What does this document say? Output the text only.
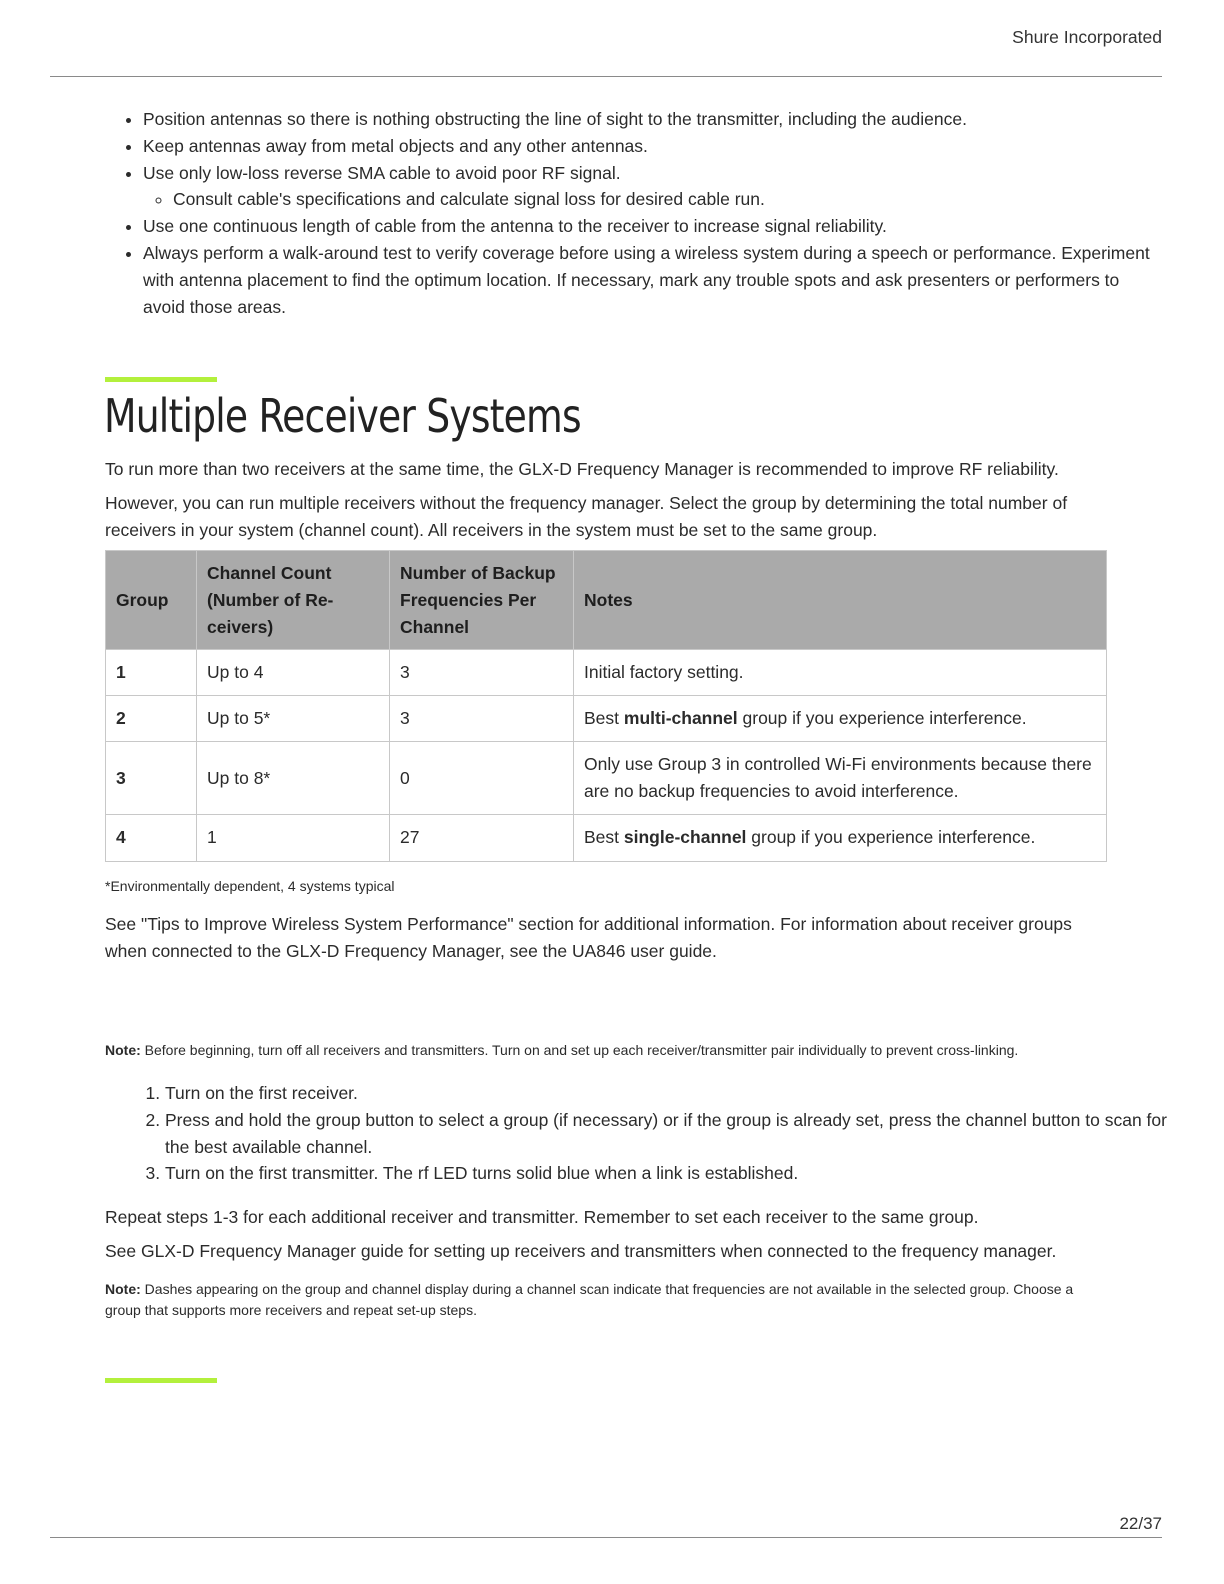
Shure Incorporated
• Position antennas so there is nothing obstructing the line of sight to the transmitter, including the audience.
• Keep antennas away from metal objects and any other antennas.
• Use only low-loss reverse SMA cable to avoid poor RF signal.
◦ Consult cable's specifications and calculate signal loss for desired cable run.
• Use one continuous length of cable from the antenna to the receiver to increase signal reliability.
• Always perform a walk-around test to verify coverage before using a wireless system during a speech or performance. Experiment with antenna placement to find the optimum location. If necessary, mark any trouble spots and ask presenters or performers to avoid those areas.
Multiple Receiver Systems

To run more than two receivers at the same time, the GLX-D Frequency Manager is recommended to improve RF reliability.

However, you can run multiple receivers without the frequency manager. Select the group by determining the total number of receivers in your system (channel count). All receivers in the system must be set to the same group.

Group	Channel Count (Number of Re-ceivers)	Number of Backup Frequencies Per Channel	Notes
1	Up to 4	3	Initial factory setting.
2	Up to 5*	3	Best multi-channel group if you experience interference.
3	Up to 8*	0	Only use Group 3 in controlled Wi-Fi environments because there are no backup frequencies to avoid interference.
4	1	27	Best single-channel group if you experience interference.

*Environmentally dependent, 4 systems typical

See "Tips to Improve Wireless System Performance" section for additional information. For information about receiver groups when connected to the GLX-D Frequency Manager, see the UA846 user guide.

Note: Before beginning, turn off all receivers and transmitters. Turn on and set up each receiver/transmitter pair individually to prevent cross-linking.

1. Turn on the first receiver.
2. Press and hold the group button to select a group (if necessary) or if the group is already set, press the channel button to scan for the best available channel.
3. Turn on the first transmitter. The rf LED turns solid blue when a link is established.

Repeat steps 1-3 for each additional receiver and transmitter. Remember to set each receiver to the same group.

See GLX-D Frequency Manager guide for setting up receivers and transmitters when connected to the frequency manager.

Note: Dashes appearing on the group and channel display during a channel scan indicate that frequencies are not available in the selected group. Choose a group that supports more receivers and repeat set-up steps.

22/37
